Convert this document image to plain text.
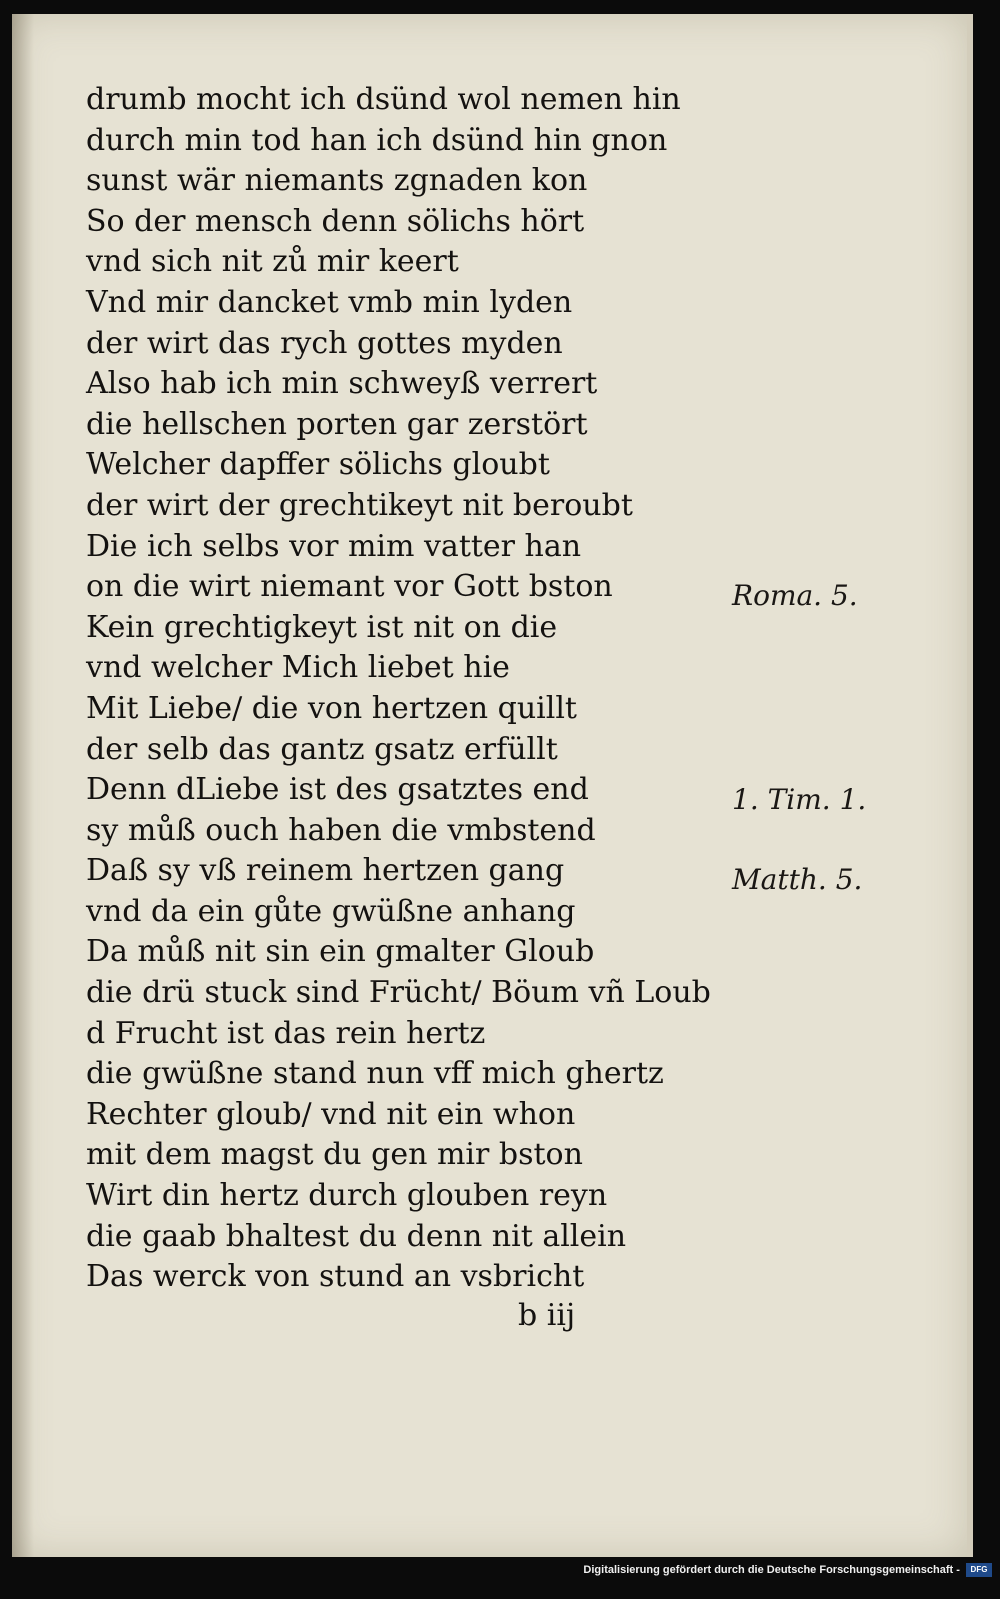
drumb mocht ich dsünd wol nemen hin
durch min tod han ich dsünd hin gnon
sunst wär niemants zgnaden kon
So der mensch denn sölichs hört
vnd sich nit zů mir keert
Vnd mir dancket vmb min lyden
der wirt das rych gottes myden
Also hab ich min schweyß verrert
die hellschen porten gar zerstört
Welcher dapffer sölichs gloubt
der wirt der grechtikeyt nit beroubt
Die ich selbs vor mim vatter han
on die wirt niemant vor Gott bston
Kein grechtigkeyt ist nit on die
vnd welcher Mich liebet hie
Mit Liebe/ die von hertzen quillt
der selb das gantz gsatz erfüllt
Denn dLiebe ist des gsatztes end
sy můß ouch haben die vmbstend
Daß sy vß reinem hertzen gang
vnd da ein gůte gwüßne anhang
Da můß nit sin ein gmalter Gloub
die drü stuck sind Frücht/ Böum vñ Loub
d Frucht ist das rein hertz
die gwüßne stand nun vff mich ghertz
Rechter gloub/ vnd nit ein whon
mit dem magst du gen mir bston
Wirt din hertz durch glouben reyn
die gaab bhaltest du denn nit allein
Das werck von stund an vsbricht
Roma. 5.
1. Tim. 1.
Matth. 5.
b iij
Digitalisierung gefördert durch die Deutsche Forschungsgemeinschaft - DFG
